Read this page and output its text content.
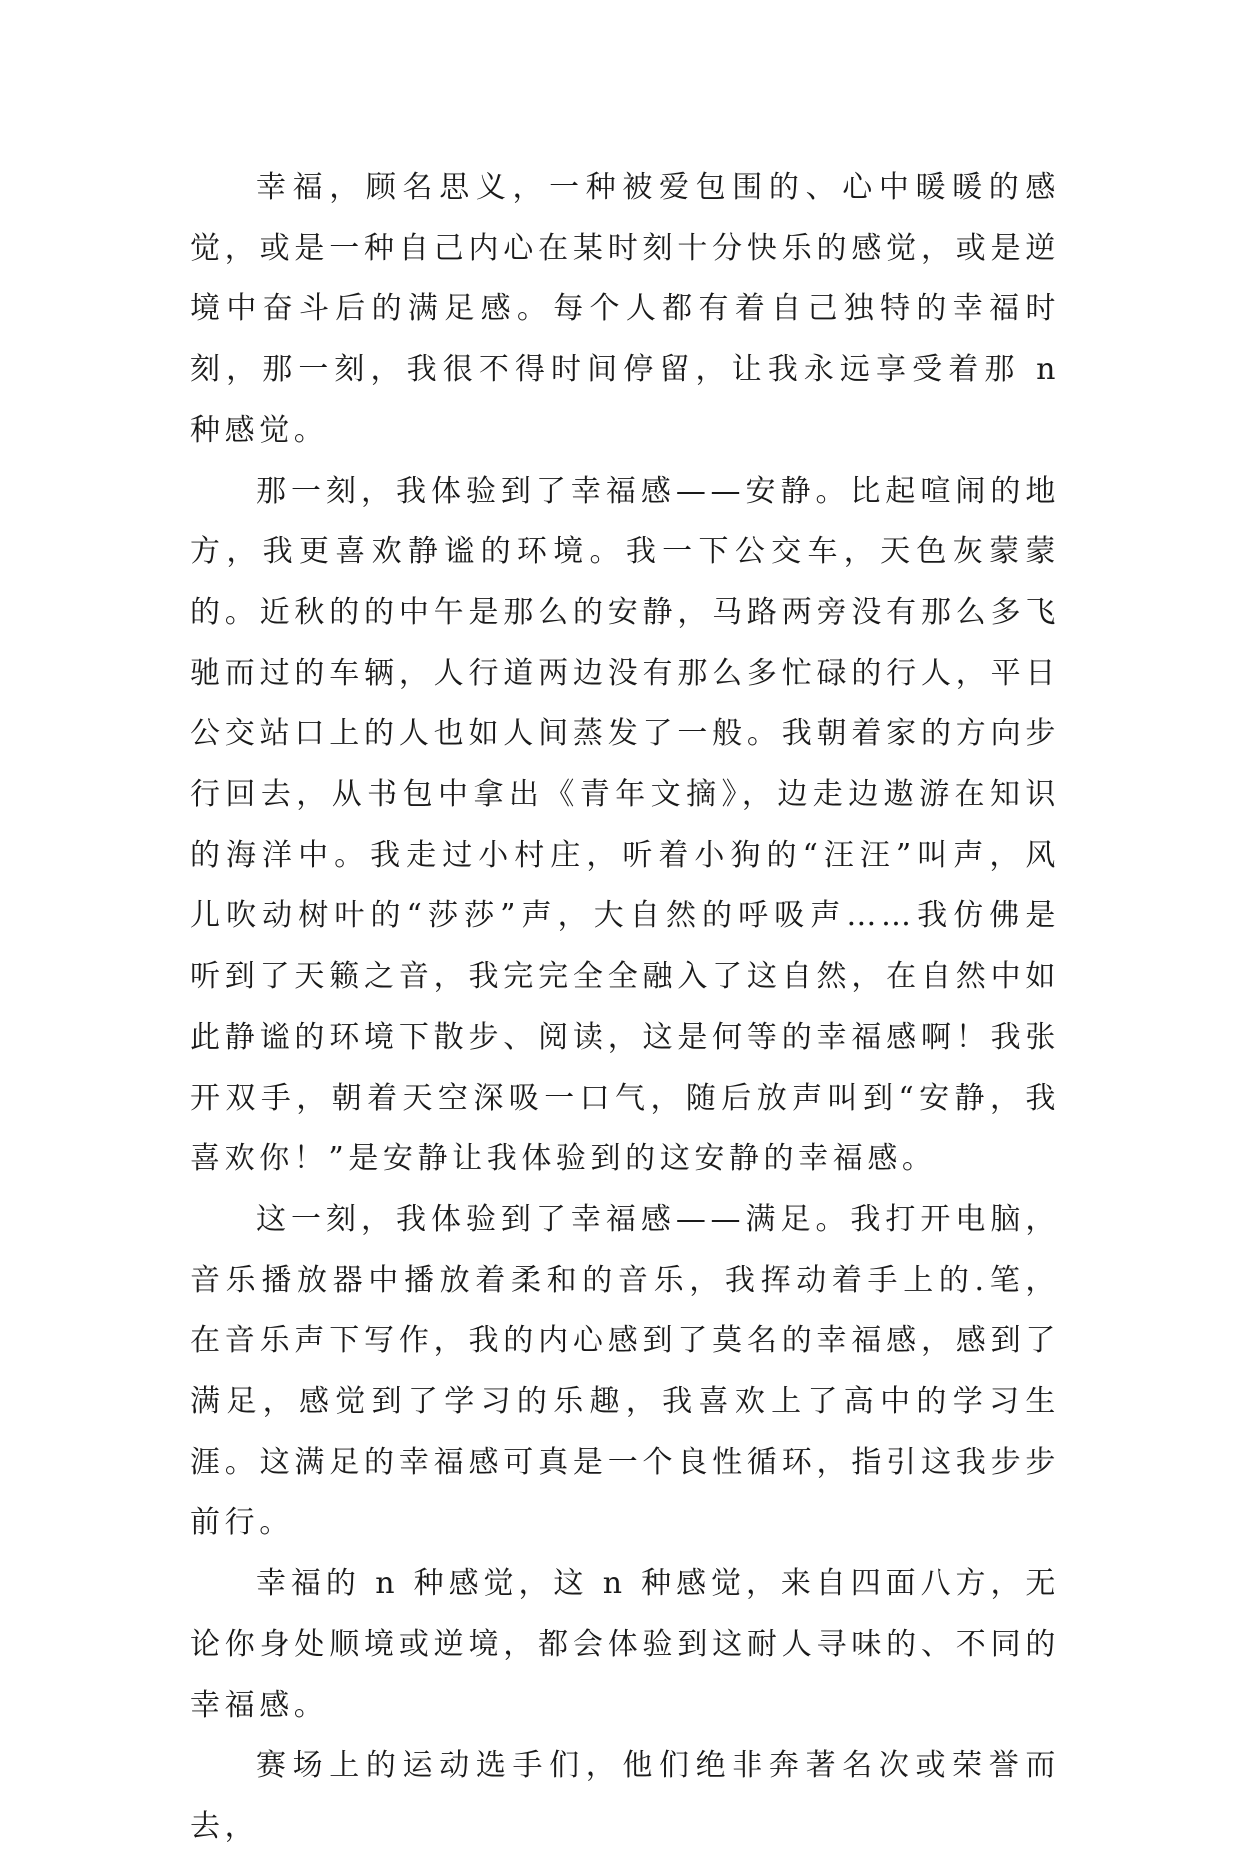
幸福，顾名思义，一种被爱包围的、心中暖暖的感觉，或是一种自己内心在某时刻十分快乐的感觉，或是逆境中奋斗后的满足感。每个人都有着自己独特的幸福时刻，那一刻，我很不得时间停留，让我永远享受着那 n 种感觉。

那一刻，我体验到了幸福感——安静。比起喧闹的地方，我更喜欢静谧的环境。我一下公交车，天色灰蒙蒙的。近秋的的中午是那么的安静，马路两旁没有那么多飞驰而过的车辆，人行道两边没有那么多忙碌的行人，平日公交站口上的人也如人间蒸发了一般。我朝着家的方向步行回去，从书包中拿出《青年文摘》，边走边遨游在知识的海洋中。我走过小村庄，听着小狗的“汪汪”叫声，风儿吹动树叶的“莎莎”声，大自然的呼吸声……我仿佛是听到了天籁之音，我完完全全融入了这自然，在自然中如此静谧的环境下散步、阅读，这是何等的幸福感啊！我张开双手，朝着天空深吸一口气，随后放声叫到“安静，我喜欢你！”是安静让我体验到的这安静的幸福感。

这一刻，我体验到了幸福感——满足。我打开电脑，音乐播放器中播放着柔和的音乐，我挥动着手上的.笔，在音乐声下写作，我的内心感到了莫名的幸福感，感到了满足，感觉到了学习的乐趣，我喜欢上了高中的学习生涯。这满足的幸福感可真是一个良性循环，指引这我步步前行。

幸福的 n 种感觉，这 n 种感觉，来自四面八方，无论你身处顺境或逆境，都会体验到这耐人寻味的、不同的幸福感。

赛场上的运动选手们，他们绝非奔著名次或荣誉而去，
